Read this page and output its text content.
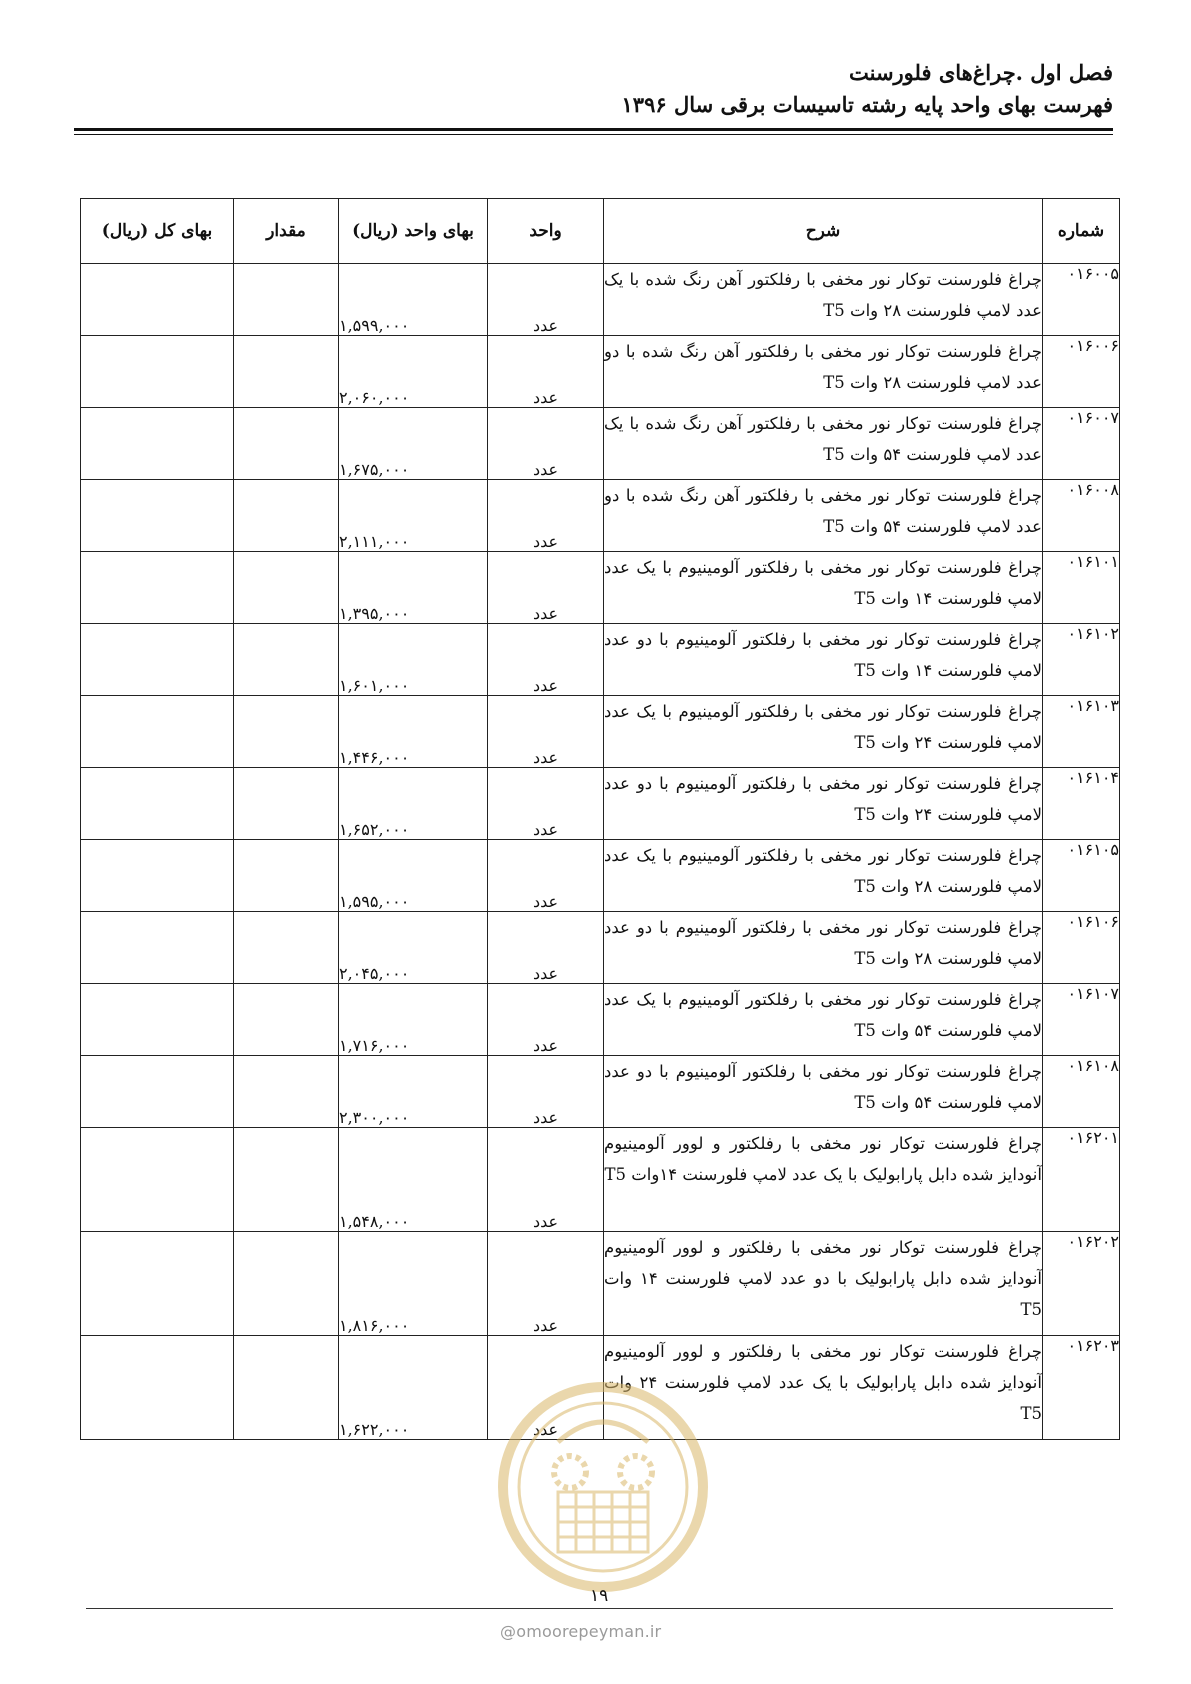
فصل اول .چراغ‌های فلورسنت
فهرست بهای واحد پایه رشته تاسیسات برقی سال ۱۳۹۶
شماره	شرح	واحد	بهای واحد (ریال)	مقدار	بهای کل (ریال)
۰۱۶۰۰۵	چراغ فلورسنت توکار نور مخفی با رفلکتور آهن رنگ شده با یک عدد لامپ فلورسنت ۲۸ وات T5	عدد	۱,۵۹۹,۰۰۰		
۰۱۶۰۰۶	چراغ فلورسنت توکار نور مخفی با رفلکتور آهن رنگ شده با دو عدد لامپ فلورسنت ۲۸ وات T5	عدد	۲,۰۶۰,۰۰۰		
۰۱۶۰۰۷	چراغ فلورسنت توکار نور مخفی با رفلکتور آهن رنگ شده با یک عدد لامپ فلورسنت ۵۴ وات T5	عدد	۱,۶۷۵,۰۰۰		
۰۱۶۰۰۸	چراغ فلورسنت توکار نور مخفی با رفلکتور آهن رنگ شده با دو عدد لامپ فلورسنت ۵۴ وات T5	عدد	۲,۱۱۱,۰۰۰		
۰۱۶۱۰۱	چراغ فلورسنت توکار نور مخفی با رفلکتور آلومینیوم با یک عدد لامپ فلورسنت ۱۴ وات T5	عدد	۱,۳۹۵,۰۰۰		
۰۱۶۱۰۲	چراغ فلورسنت توکار نور مخفی با رفلکتور آلومینیوم با دو عدد لامپ فلورسنت ۱۴ وات T5	عدد	۱,۶۰۱,۰۰۰		
۰۱۶۱۰۳	چراغ فلورسنت توکار نور مخفی با رفلکتور آلومینیوم با یک عدد لامپ فلورسنت ۲۴ وات T5	عدد	۱,۴۴۶,۰۰۰		
۰۱۶۱۰۴	چراغ فلورسنت توکار نور مخفی با رفلکتور آلومینیوم با دو عدد لامپ فلورسنت ۲۴ وات T5	عدد	۱,۶۵۲,۰۰۰		
۰۱۶۱۰۵	چراغ فلورسنت توکار نور مخفی با رفلکتور آلومینیوم با یک عدد لامپ فلورسنت ۲۸ وات T5	عدد	۱,۵۹۵,۰۰۰		
۰۱۶۱۰۶	چراغ فلورسنت توکار نور مخفی با رفلکتور آلومینیوم با دو عدد لامپ فلورسنت ۲۸ وات T5	عدد	۲,۰۴۵,۰۰۰		
۰۱۶۱۰۷	چراغ فلورسنت توکار نور مخفی با رفلکتور آلومینیوم با یک عدد لامپ فلورسنت ۵۴ وات T5	عدد	۱,۷۱۶,۰۰۰		
۰۱۶۱۰۸	چراغ فلورسنت توکار نور مخفی با رفلکتور آلومینیوم با دو عدد لامپ فلورسنت ۵۴ وات T5	عدد	۲,۳۰۰,۰۰۰		
۰۱۶۲۰۱	چراغ فلورسنت توکار نور مخفی با رفلکتور و لوور آلومینیوم آنودایز شده دابل پارابولیک با یک عدد لامپ فلورسنت ۱۴وات T5	عدد	۱,۵۴۸,۰۰۰		
۰۱۶۲۰۲	چراغ فلورسنت توکار نور مخفی با رفلکتور و لوور آلومینیوم آنودایز شده دابل پارابولیک با دو عدد لامپ فلورسنت ۱۴ وات T5	عدد	۱,۸۱۶,۰۰۰		
۰۱۶۲۰۳	چراغ فلورسنت توکار نور مخفی با رفلکتور و لوور آلومینیوم آنودایز شده دابل پارابولیک با یک عدد لامپ فلورسنت ۲۴ وات T5	عدد	۱,۶۲۲,۰۰۰		
۱۹
@omoorepeyman.ir
